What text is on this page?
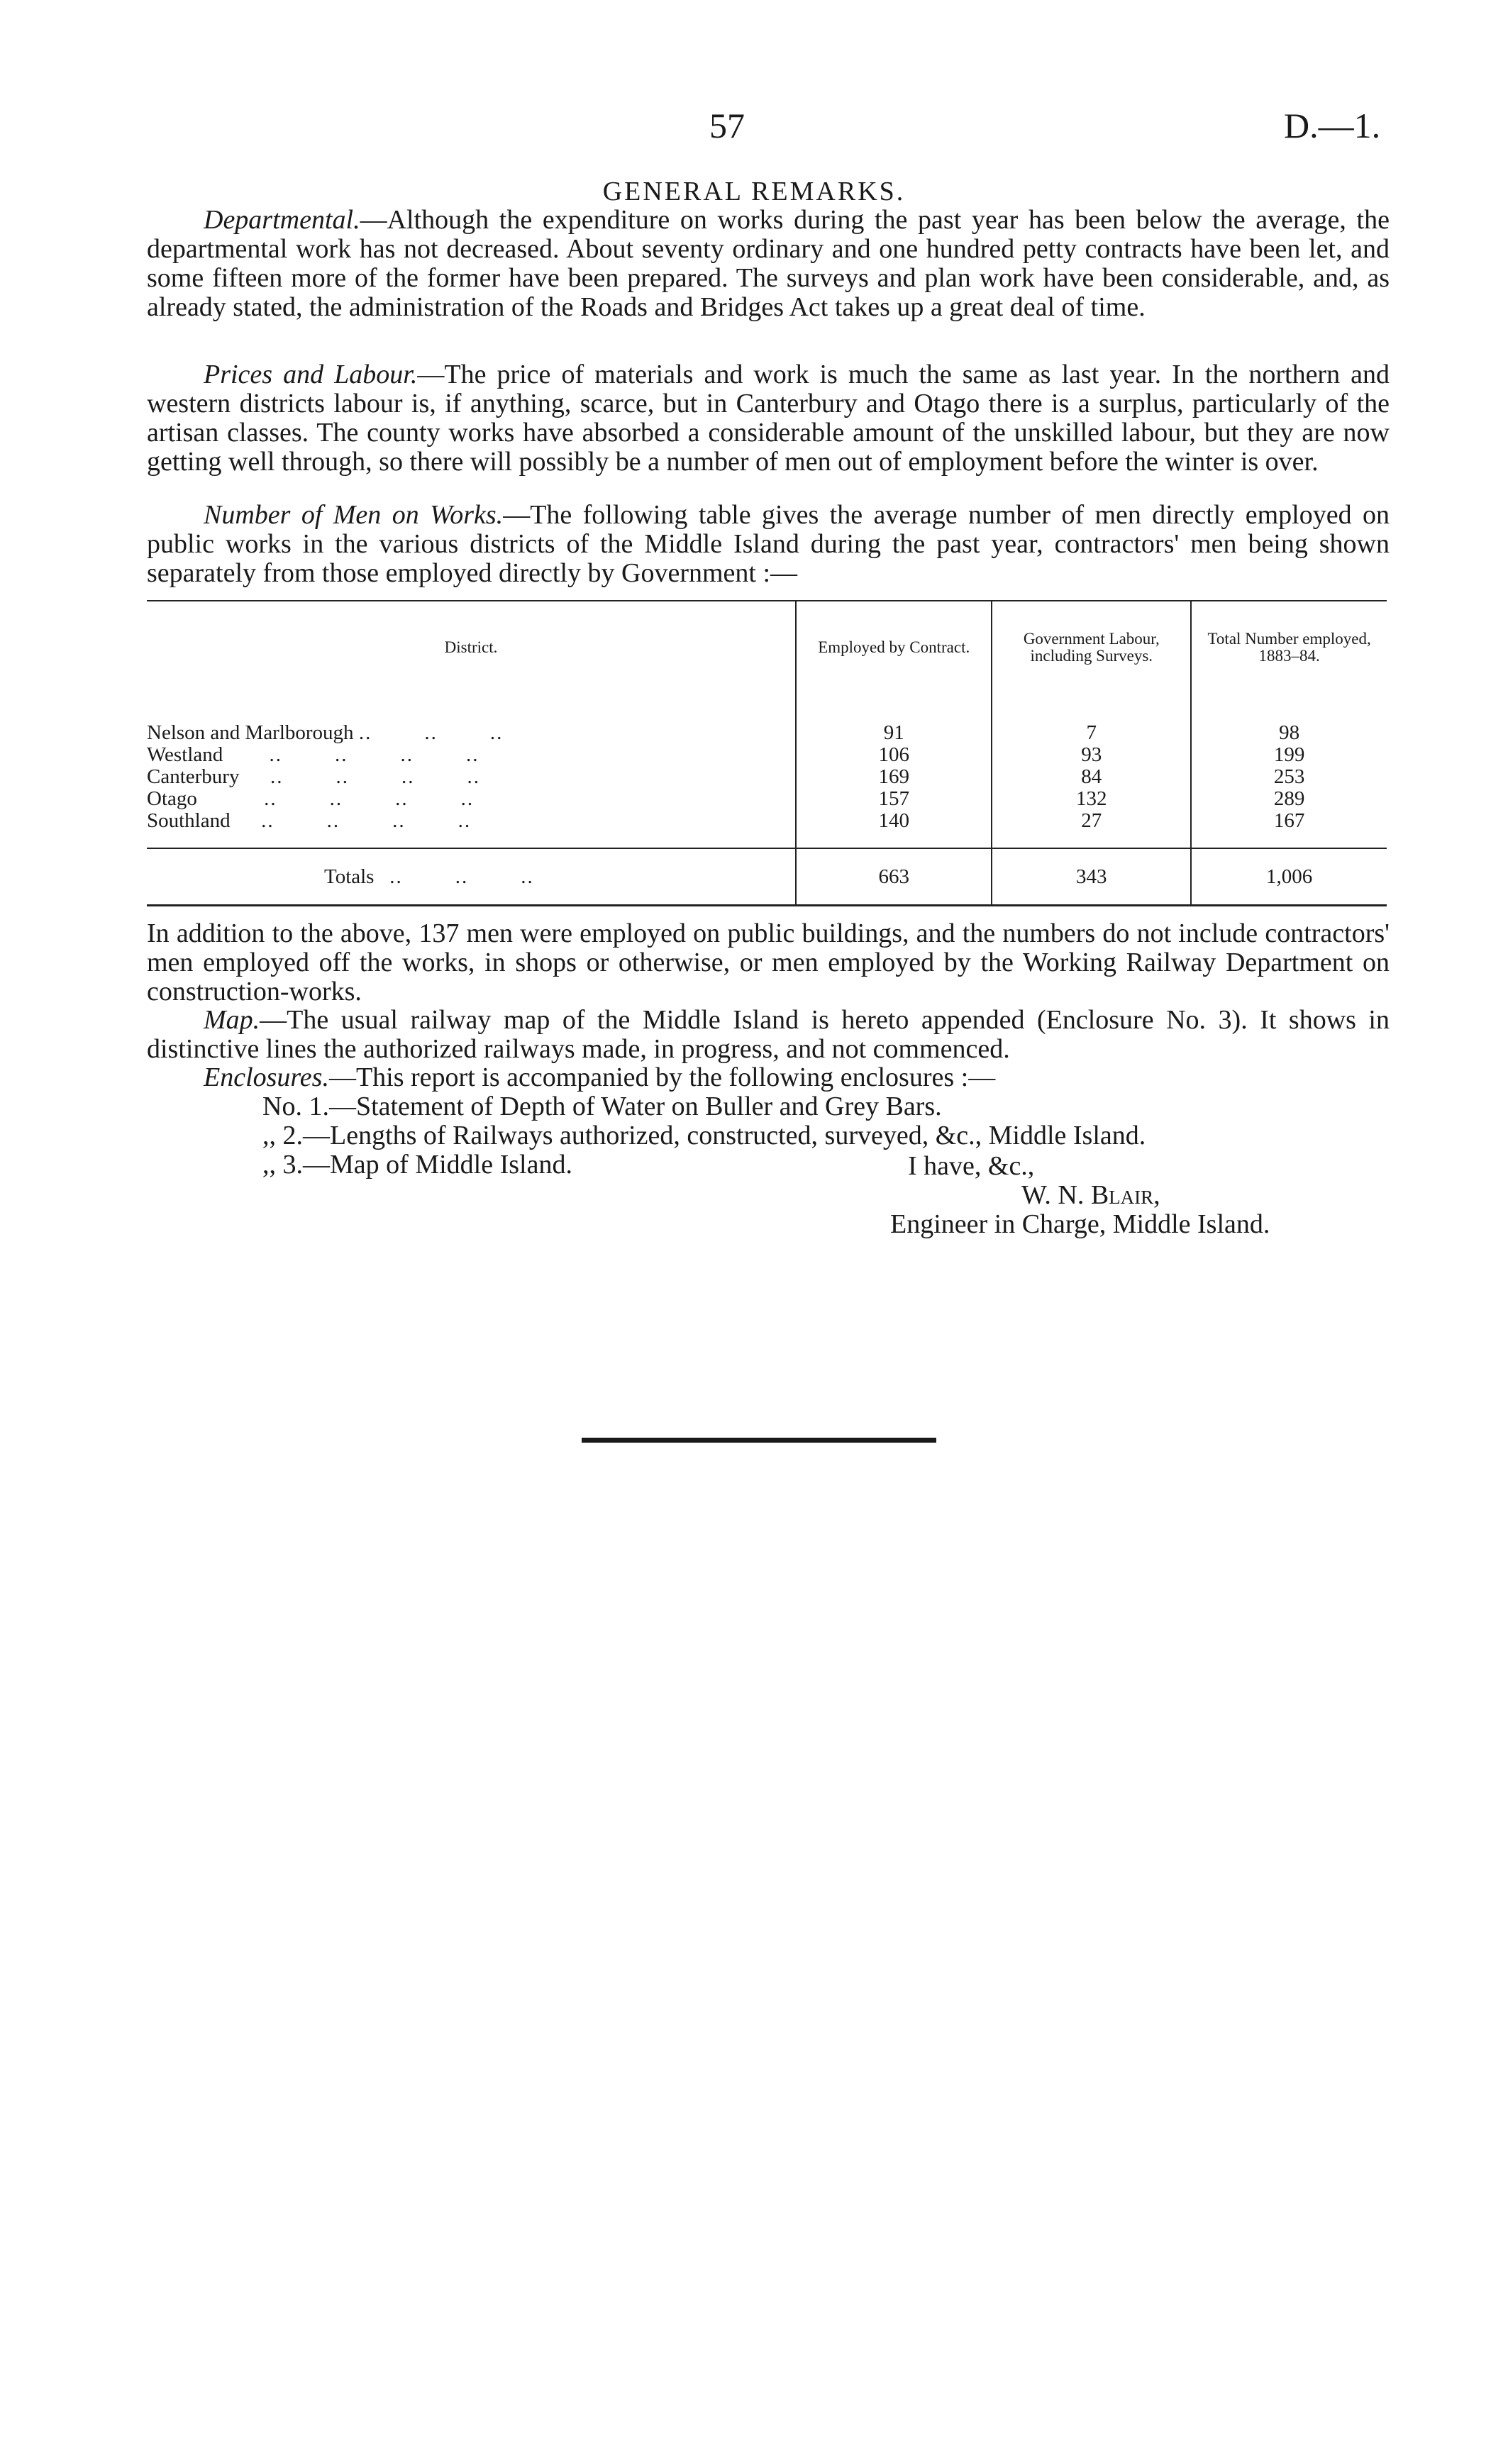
57	D.—1.
GENERAL REMARKS.
Departmental.—Although the expenditure on works during the past year has been below the average, the departmental work has not decreased. About seventy ordinary and one hundred petty contracts have been let, and some fifteen more of the former have been prepared. The surveys and plan work have been considerable, and, as already stated, the administration of the Roads and Bridges Act takes up a great deal of time.
Prices and Labour.—The price of materials and work is much the same as last year. In the northern and western districts labour is, if anything, scarce, but in Canterbury and Otago there is a surplus, particularly of the artisan classes. The county works have absorbed a considerable amount of the unskilled labour, but they are now getting well through, so there will possibly be a number of men out of employment before the winter is over.
Number of Men on Works.—The following table gives the average number of men directly employed on public works in the various districts of the Middle Island during the past year, contractors' men being shown separately from those employed directly by Government :—
District.	Employed by Contract.	Government Labour, including Surveys.	Total Number employed, 1883–84.
Nelson and Marlborough ..        ..        ..	91	7	98
Westland ..        ..        ..        ..	106	93	199
Canterbury ..        ..        ..        ..	169	84	253
Otago ..        ..        ..        ..	157	132	289
Southland ..        ..        ..        ..	140	27	167
Totals ..        ..        ..	663	343	1,006
In addition to the above, 137 men were employed on public buildings, and the numbers do not include contractors' men employed off the works, in shops or otherwise, or men employed by the Working Railway Department on construction-works.
Map.—The usual railway map of the Middle Island is hereto appended (Enclosure No. 3). It shows in distinctive lines the authorized railways made, in progress, and not commenced.
Enclosures.—This report is accompanied by the following enclosures :—
No. 1.—Statement of Depth of Water on Buller and Grey Bars.
,, 2.—Lengths of Railways authorized, constructed, surveyed, &c., Middle Island.
,, 3.—Map of Middle Island.	I have, &c.,
W. N. Blair,
Engineer in Charge, Middle Island.
